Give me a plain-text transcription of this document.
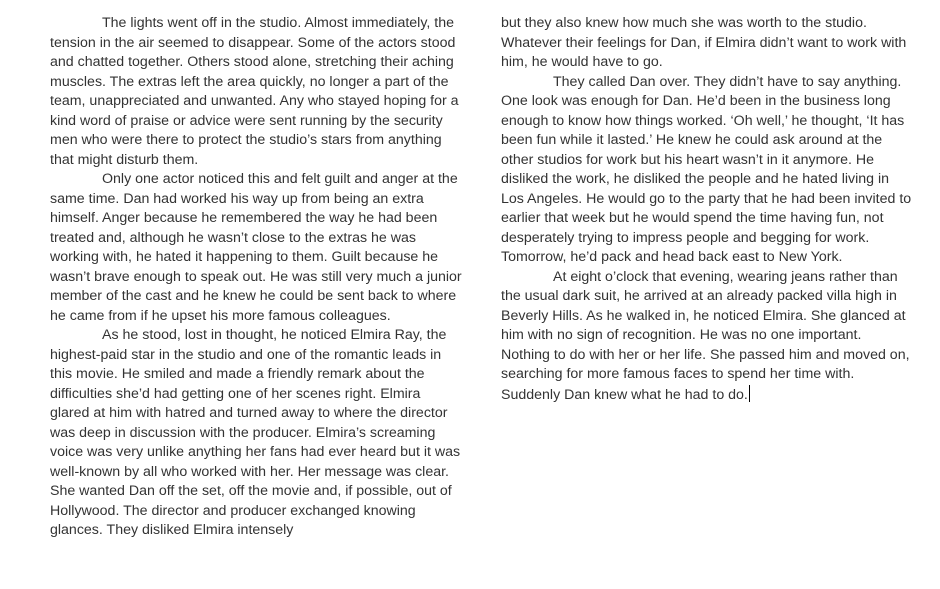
The lights went off in the studio. Almost immediately, the tension in the air seemed to disappear. Some of the actors stood and chatted together. Others stood alone, stretching their aching muscles. The extras left the area quickly, no longer a part of the team, unappreciated and unwanted. Any who stayed hoping for a kind word of praise or advice were sent running by the security men who were there to protect the studio’s stars from anything that might disturb them.

Only one actor noticed this and felt guilt and anger at the same time. Dan had worked his way up from being an extra himself. Anger because he remembered the way he had been treated and, although he wasn’t close to the extras he was working with, he hated it happening to them. Guilt because he wasn’t brave enough to speak out. He was still very much a junior member of the cast and he knew he could be sent back to where he came from if he upset his more famous colleagues.

As he stood, lost in thought, he noticed Elmira Ray, the highest-paid star in the studio and one of the romantic leads in this movie. He smiled and made a friendly remark about the difficulties she’d had getting one of her scenes right. Elmira glared at him with hatred and turned away to where the director was deep in discussion with the producer. Elmira’s screaming voice was very unlike anything her fans had ever heard but it was well-known by all who worked with her. Her message was clear. She wanted Dan off the set, off the movie and, if possible, out of Hollywood. The director and producer exchanged knowing glances. They disliked Elmira intensely

but they also knew how much she was worth to the studio. Whatever their feelings for Dan, if Elmira didn’t want to work with him, he would have to go.

They called Dan over. They didn’t have to say anything. One look was enough for Dan. He’d been in the business long enough to know how things worked. ‘Oh well,’ he thought, ‘It has been fun while it lasted.’ He knew he could ask around at the other studios for work but his heart wasn’t in it anymore. He disliked the work, he disliked the people and he hated living in Los Angeles. He would go to the party that he had been invited to earlier that week but he would spend the time having fun, not desperately trying to impress people and begging for work. Tomorrow, he’d pack and head back east to New York.

At eight o’clock that evening, wearing jeans rather than the usual dark suit, he arrived at an already packed villa high in Beverly Hills. As he walked in, he noticed Elmira. She glanced at him with no sign of recognition. He was no one important. Nothing to do with her or her life. She passed him and moved on, searching for more famous faces to spend her time with. Suddenly Dan knew what he had to do.
